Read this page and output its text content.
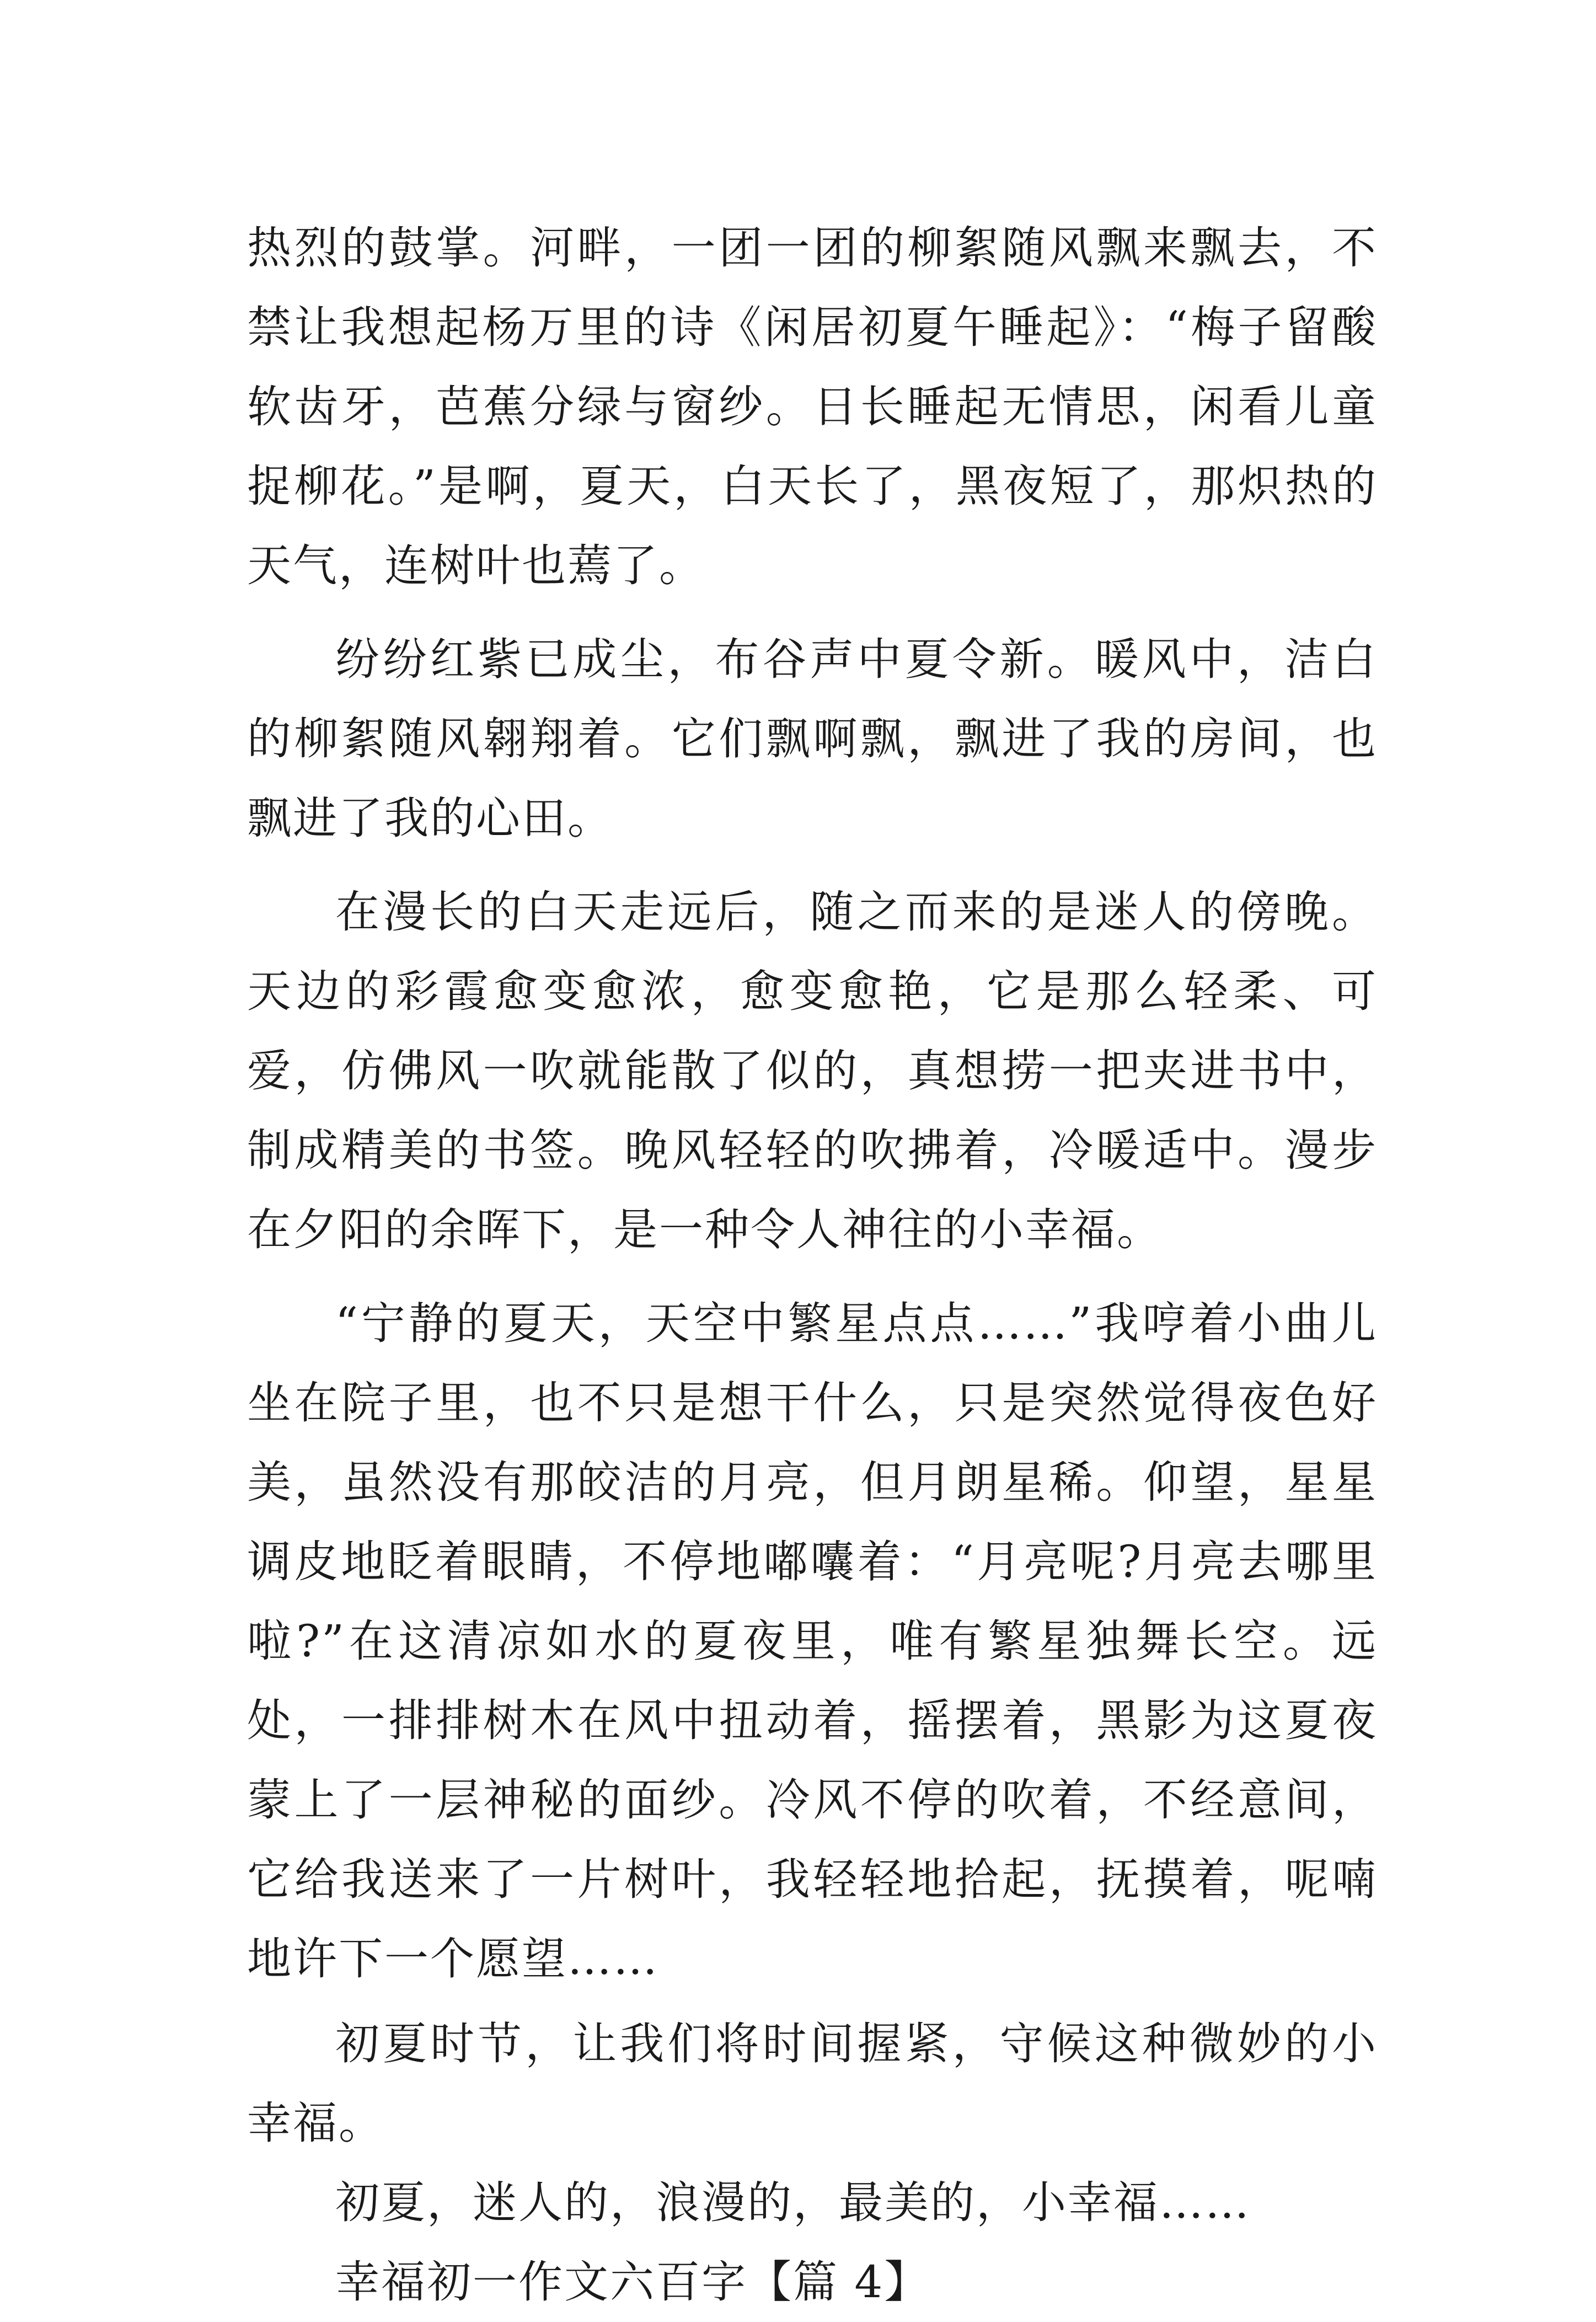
热烈的鼓掌。河畔，一团一团的柳絮随风飘来飘去，不禁让我想起杨万里的诗《闲居初夏午睡起》：“梅子留酸软齿牙，芭蕉分绿与窗纱。日长睡起无情思，闲看儿童捉柳花。”是啊，夏天，白天长了，黑夜短了，那炽热的天气，连树叶也蔫了。

纷纷红紫已成尘，布谷声中夏令新。暖风中，洁白的柳絮随风翱翔着。它们飘啊飘，飘进了我的房间，也飘进了我的心田。

在漫长的白天走远后，随之而来的是迷人的傍晚。天边的彩霞愈变愈浓，愈变愈艳，它是那么轻柔、可爱，仿佛风一吹就能散了似的，真想捞一把夹进书中，制成精美的书签。晚风轻轻的吹拂着，冷暖适中。漫步在夕阳的余晖下，是一种令人神往的小幸福。

“宁静的夏天，天空中繁星点点……”我哼着小曲儿坐在院子里，也不只是想干什么，只是突然觉得夜色好美，虽然没有那皎洁的月亮，但月朗星稀。仰望，星星调皮地眨着眼睛，不停地嘟囔着：“月亮呢?月亮去哪里啦?”在这清凉如水的夏夜里，唯有繁星独舞长空。远处，一排排树木在风中扭动着，摇摆着，黑影为这夏夜蒙上了一层神秘的面纱。冷风不停的吹着，不经意间，它给我送来了一片树叶，我轻轻地拾起，抚摸着，呢喃地许下一个愿望……

初夏时节，让我们将时间握紧，守候这种微妙的小幸福。

初夏，迷人的，浪漫的，最美的，小幸福……

幸福初一作文六百字【篇 4】
